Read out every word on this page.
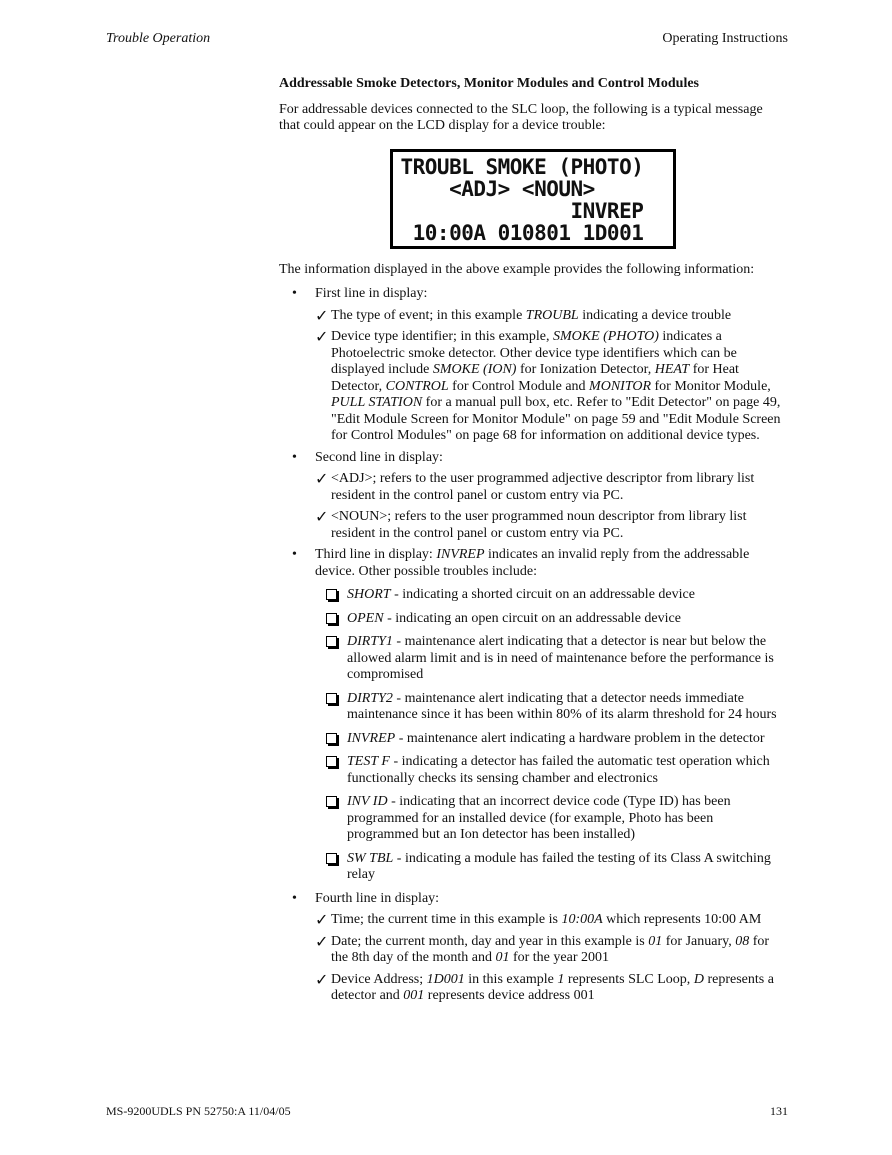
Trouble Operation	Operating Instructions
Addressable Smoke Detectors, Monitor Modules and Control Modules

For addressable devices connected to the SLC loop, the following is a typical message that could appear on the LCD display for a device trouble:

TROUBL SMOKE (PHOTO)
<ADJ> <NOUN>
INVREP
10:00A 010801 1D001

The information displayed in the above example provides the following information:

• First line in display:
✓ The type of event; in this example TROUBL indicating a device trouble
✓ Device type identifier; in this example, SMOKE (PHOTO) indicates a Photoelectric smoke detector. Other device type identifiers which can be displayed include SMOKE (ION) for Ionization Detector, HEAT for Heat Detector, CONTROL for Control Module and MONITOR for Monitor Module, PULL STATION for a manual pull box, etc. Refer to "Edit Detector" on page 49, "Edit Module Screen for Monitor Module" on page 59 and "Edit Module Screen for Control Modules" on page 68 for information on additional device types.
• Second line in display:
✓ <ADJ>; refers to the user programmed adjective descriptor from library list resident in the control panel or custom entry via PC.
✓ <NOUN>; refers to the user programmed noun descriptor from library list resident in the control panel or custom entry via PC.
• Third line in display: INVREP indicates an invalid reply from the addressable device. Other possible troubles include:
SHORT - indicating a shorted circuit on an addressable device
OPEN - indicating an open circuit on an addressable device
DIRTY1 - maintenance alert indicating that a detector is near but below the allowed alarm limit and is in need of maintenance before the performance is compromised
DIRTY2 - maintenance alert indicating that a detector needs immediate maintenance since it has been within 80% of its alarm threshold for 24 hours
INVREP - maintenance alert indicating a hardware problem in the detector
TEST F - indicating a detector has failed the automatic test operation which functionally checks its sensing chamber and electronics
INV ID - indicating that an incorrect device code (Type ID) has been programmed for an installed device (for example, Photo has been programmed but an Ion detector has been installed)
SW TBL - indicating a module has failed the testing of its Class A switching relay
• Fourth line in display:
✓ Time; the current time in this example is 10:00A which represents 10:00 AM
✓ Date; the current month, day and year in this example is 01 for January, 08 for the 8th day of the month and 01 for the year 2001
✓ Device Address; 1D001 in this example 1 represents SLC Loop, D represents a detector and 001 represents device address 001
MS-9200UDLS PN 52750:A 11/04/05	131
